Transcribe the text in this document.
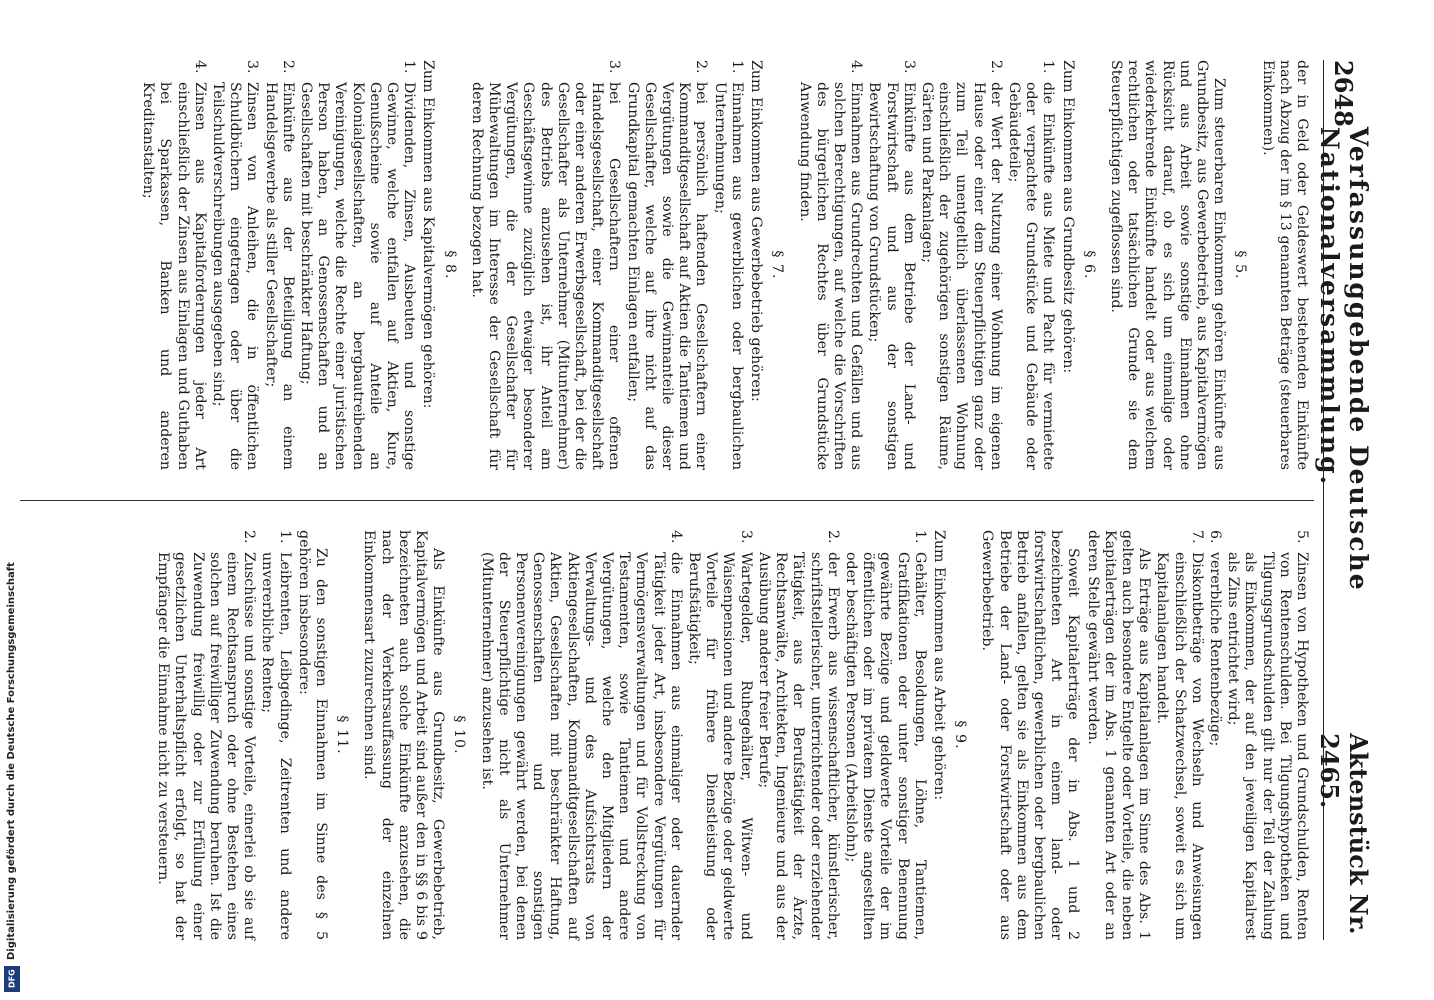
2648
Verfassunggebende Deutsche Nationalversammlung.
Aktenstück Nr. 2465.

der in Geld oder Geldeswert bestehenden Einkünfte nach Abzug der im § 13 genannten Beträge (steuerbares Einkommen).

§ 5.

Zum steuerbaren Einkommen gehören Einkünfte aus Grundbesitz, aus Gewerbebetrieb, aus Kapitalvermögen und aus Arbeit sowie sonstige Einnahmen ohne Rücksicht darauf, ob es sich um einmalige oder wiederkehrende Einkünfte handelt oder aus welchem rechtlichen oder tatsächlichen Grunde sie dem Steuerpflichtigen zugeflossen sind.

§ 6.

Zum Einkommen aus Grundbesitz gehören:

1.
die Einkünfte aus Miete und Pacht für vermietete oder verpachtete Grundstücke und Gebäude oder Gebäudeteile;
2.
der Wert der Nutzung einer Wohnung im eigenen Hause oder einer dem Steuerpflichtigen ganz oder zum Teil unentgeltlich überlassenen Wohnung einschließlich der zugehörigen sonstigen Räume, Gärten und Parkanlagen;
3.
Einkünfte aus dem Betriebe der Land- und Forstwirtschaft und aus der sonstigen Bewirtschaftung von Grundstücken;
4.
Einnahmen aus Grundrechten und Gefällen und aus solchen Berechtigungen, auf welche die Vorschriften des bürgerlichen Rechtes über Grundstücke Anwendung finden.
§ 7.

Zum Einkommen aus Gewerbebetrieb gehören:

1.
Einnahmen aus gewerblichen oder bergbaulichen Unternehmungen;
2.
bei persönlich haftenden Gesellschaftern einer Kommanditgesellschaft auf Aktien die Tantiemen und Vergütungen sowie die Gewinnanteile dieser Gesellschafter, welche auf ihre nicht auf das Grundkapital gemachten Einlagen entfallen;
3.
bei Gesellschaftern einer offenen Handelsgesellschaft, einer Kommanditgesellschaft oder einer anderen Erwerbsgesellschaft, bei der die Gesellschafter als Unternehmer (Mitunternehmer) des Betriebs anzusehen ist, ihr Anteil am Geschäftsgewinne zuzüglich etwaiger besonderer Vergütungen, die der Gesellschafter für Mühewaltungen im Interesse der Gesellschaft für deren Rechnung bezogen hat.
§ 8.

Zum Einkommen aus Kapitalvermögen gehören:

1.
Dividenden, Zinsen, Ausbeuten und sonstige Gewinne, welche entfallen auf Aktien, Kure, Genußscheine sowie auf Anteile an Kolonialgesellschaften, an bergbautreibenden Vereinigungen, welche die Rechte einer juristischen Person haben, an Genossenschaften und an Gesellschaften mit beschränkter Haftung;
2.
Einkünfte aus der Beteiligung an einem Handelsgewerbe als stiller Gesellschafter;
3.
Zinsen von Anleihen, die in öffentlichen Schuldbüchern eingetragen oder über die Teilschuldverschreibungen ausgegeben sind;
4.
Zinsen aus Kapitalforderungen jeder Art einschließlich der Zinsen aus Einlagen und Guthaben bei Sparkassen, Banken und anderen Kreditanstalten;
5.
Zinsen von Hypotheken und Grundschulden, Renten von Rentenschulden. Bei Tilgungshypotheken und Tilgungsgrundschulden gilt nur der Teil der Zahlung als Einkommen, der auf den jeweiligen Kapitalrest als Zins entrichtet wird;
6.
vererbliche Rentenbezüge;
7.
Diskontbeträge von Wechseln und Anweisungen einschließlich der Schatzwechsel, soweit es sich um Kapitalanlagen handelt.

Als Erträge aus Kapitalanlagen im Sinne des Abs. 1 gelten auch besondere Entgelte oder Vorteile, die neben Kapitalerträgen der im Abs. 1 genannten Art oder an deren Stelle gewährt werden.

Soweit Kapitalerträge der in Abs. 1 und 2 bezeichneten Art in einem land- oder forstwirtschaftlichen, gewerblichen oder bergbaulichen Betrieb anfallen, gelten sie als Einkommen aus dem Betriebe der Land- oder Forstwirtschaft oder aus Gewerbebetrieb.

§ 9.

Zum Einkommen aus Arbeit gehören:

1.
Gehälter, Besoldungen, Löhne, Tantiemen, Gratifikationen oder unter sonstiger Benennung gewährte Bezüge und geldwerte Vorteile der im öffentlichen oder im privatem Dienste angestellten oder beschäftigten Personen (Arbeitslohn);
2.
der Erwerb aus wissenschaftlicher, künstlerischer, schriftstellerischer, unterrichtender oder erziehender Tätigkeit, aus der Berufstätigkeit der Ärzte, Rechtsanwälte, Architekten, Ingenieure und aus der Ausübung anderer freier Berufe;
3.
Wartegelder, Ruhegehälter, Witwen- und Waisenpensionen und andere Bezüge oder geldwerte Vorteile für frühere Dienstleistung oder Berufstätigkeit;
4.
die Einnahmen aus einmaliger oder dauernder Tätigkeit jeder Art, insbesondere Vergütungen für Vermögensverwaltungen und für Vollstreckung von Testamenten, sowie Tantiemen und andere Vergütungen, welche den Mitgliedern der Verwaltungs- und des Aufsichtsrats von Aktiengesellschaften, Kommanditgesellschaften auf Aktien, Gesellschaften mit beschränkter Haftung, Genossenschaften und sonstigen Personenvereinigungen gewährt werden, bei denen der Steuerpflichtige nicht als Unternehmer (Mitunternehmer) anzusehen ist.
§ 10.

Als Einkünfte aus Grundbesitz, Gewerbebetrieb, Kapitalvermögen und Arbeit sind außer den in §§ 6 bis 9 bezeichneten auch solche Einkünfte anzusehen, die nach der Verkehrsauffassung der einzelnen Einkommensart zuzurechnen sind.

§ 11.

Zu den sonstigen Einnahmen im Sinne des § 5 gehören insbesondere:

1.
Leibrenten, Leibgedinge, Zeitrenten und andere unvererbliche Renten;
2.
Zuschüsse und sonstige Vorteile, einerlei ob sie auf einem Rechtsanspruch oder ohne Bestehen eines solchen auf freiwilliger Zuwendung beruhen. Ist die Zuwendung freiwillig oder zur Erfüllung einer gesetzlichen Unterhaltspflicht erfolgt, so hat der Empfänger die Einnahme nicht zu versteuern.
Digitalisierung gefördert durch die Deutsche Forschungsgemeinschaft
DFG
